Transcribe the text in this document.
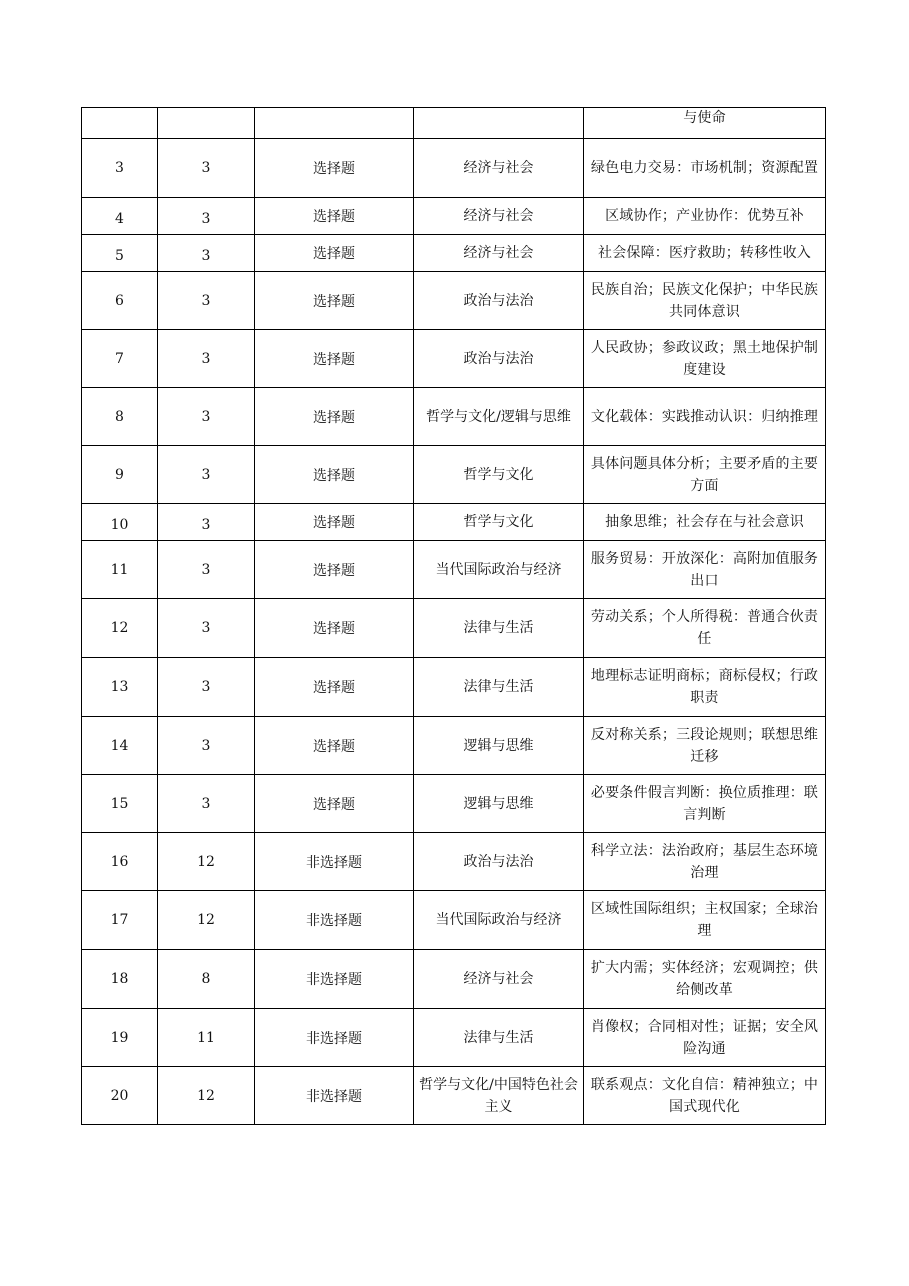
				与使命
3	3	选择题	经济与社会	绿色电力交易：市场机制；资源配置
4	3	选择题	经济与社会	区域协作；产业协作：优势互补
5	3	选择题	经济与社会	社会保障：医疗救助；转移性收入
6	3	选择题	政治与法治	民族自治；民族文化保护；中华民族共同体意识
7	3	选择题	政治与法治	人民政协；参政议政；黑土地保护制度建设
8	3	选择题	哲学与文化/逻辑与思维	文化载体：实践推动认识：归纳推理
9	3	选择题	哲学与文化	具体问题具体分析；主要矛盾的主要方面
10	3	选择题	哲学与文化	抽象思维；社会存在与社会意识
11	3	选择题	当代国际政治与经济	服务贸易：开放深化：高附加值服务出口
12	3	选择题	法律与生活	劳动关系；个人所得税：普通合伙责任
13	3	选择题	法律与生活	地理标志证明商标；商标侵权；行政职责
14	3	选择题	逻辑与思维	反对称关系；三段论规则；联想思维迁移
15	3	选择题	逻辑与思维	必要条件假言判断：换位质推理：联言判断
16	12	非选择题	政治与法治	科学立法：法治政府；基层生态环境治理
17	12	非选择题	当代国际政治与经济	区域性国际组织；主权国家；全球治理
18	8	非选择题	经济与社会	扩大内需；实体经济；宏观调控；供给侧改革
19	11	非选择题	法律与生活	肖像权；合同相对性；证据；安全风险沟通
20	12	非选择题	哲学与文化/中国特色社会主义	联系观点：文化自信：精神独立；中国式现代化
